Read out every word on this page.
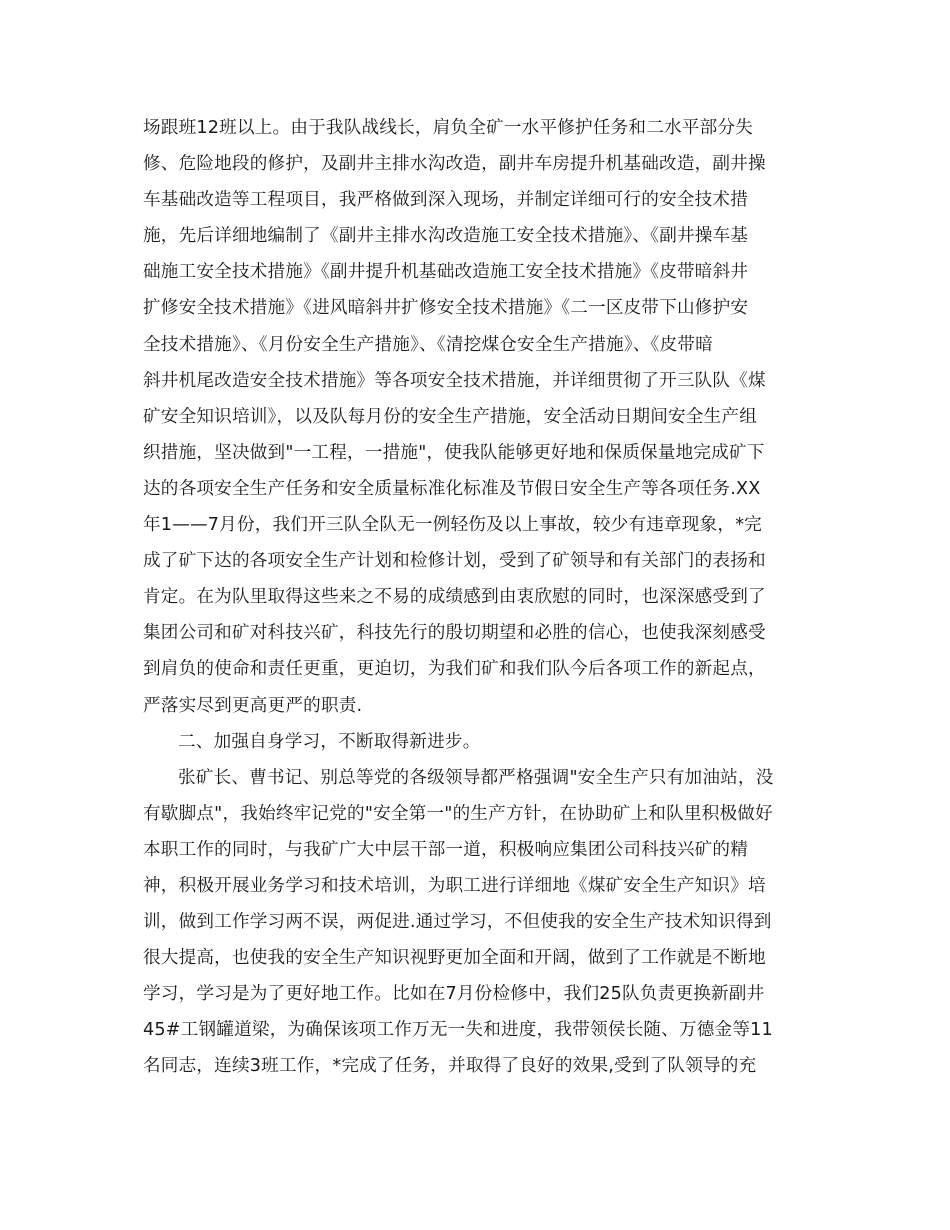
场跟班12班以上。由于我队战线长，肩负全矿一水平修护任务和二水平部分失
修、危险地段的修护，及副井主排水沟改造，副井车房提升机基础改造，副井操
车基础改造等工程项目，我严格做到深入现场，并制定详细可行的安全技术措
施，先后详细地编制了《副井主排水沟改造施工安全技术措施》、《副井操车基
础施工安全技术措施》《副井提升机基础改造施工安全技术措施》《皮带暗斜井
扩修安全技术措施》《进风暗斜井扩修安全技术措施》《二一区皮带下山修护安
全技术措施》、《月份安全生产措施》、《清挖煤仓安全生产措施》、《皮带暗
斜井机尾改造安全技术措施》等各项安全技术措施，并详细贯彻了开三队队《煤
矿安全知识培训》，以及队每月份的安全生产措施，安全活动日期间安全生产组
织措施，坚决做到"一工程，一措施"，使我队能够更好地和保质保量地完成矿下
达的各项安全生产任务和安全质量标准化标准及节假日安全生产等各项任务.XX
年1——7月份，我们开三队全队无一例轻伤及以上事故，较少有违章现象，*完
成了矿下达的各项安全生产计划和检修计划，受到了矿领导和有关部门的表扬和
肯定。在为队里取得这些来之不易的成绩感到由衷欣慰的同时，也深深感受到了
集团公司和矿对科技兴矿，科技先行的殷切期望和必胜的信心，也使我深刻感受
到肩负的使命和责任更重，更迫切，为我们矿和我们队今后各项工作的新起点，
严落实尽到更高更严的职责.
二、加强自身学习，不断取得新进步。
张矿长、曹书记、别总等党的各级领导都严格强调"安全生产只有加油站，没
有歇脚点"，我始终牢记党的"安全第一"的生产方针，在协助矿上和队里积极做好
本职工作的同时，与我矿广大中层干部一道，积极响应集团公司科技兴矿的精
神，积极开展业务学习和技术培训，为职工进行详细地《煤矿安全生产知识》培
训，做到工作学习两不误，两促进.通过学习，不但使我的安全生产技术知识得到
很大提高，也使我的安全生产知识视野更加全面和开阔，做到了工作就是不断地
学习，学习是为了更好地工作。比如在7月份检修中，我们25队负责更换新副井
45#工钢罐道梁，为确保该项工作万无一失和进度，我带领侯长随、万德金等11
名同志，连续3班工作，*完成了任务，并取得了良好的效果,受到了队领导的充
